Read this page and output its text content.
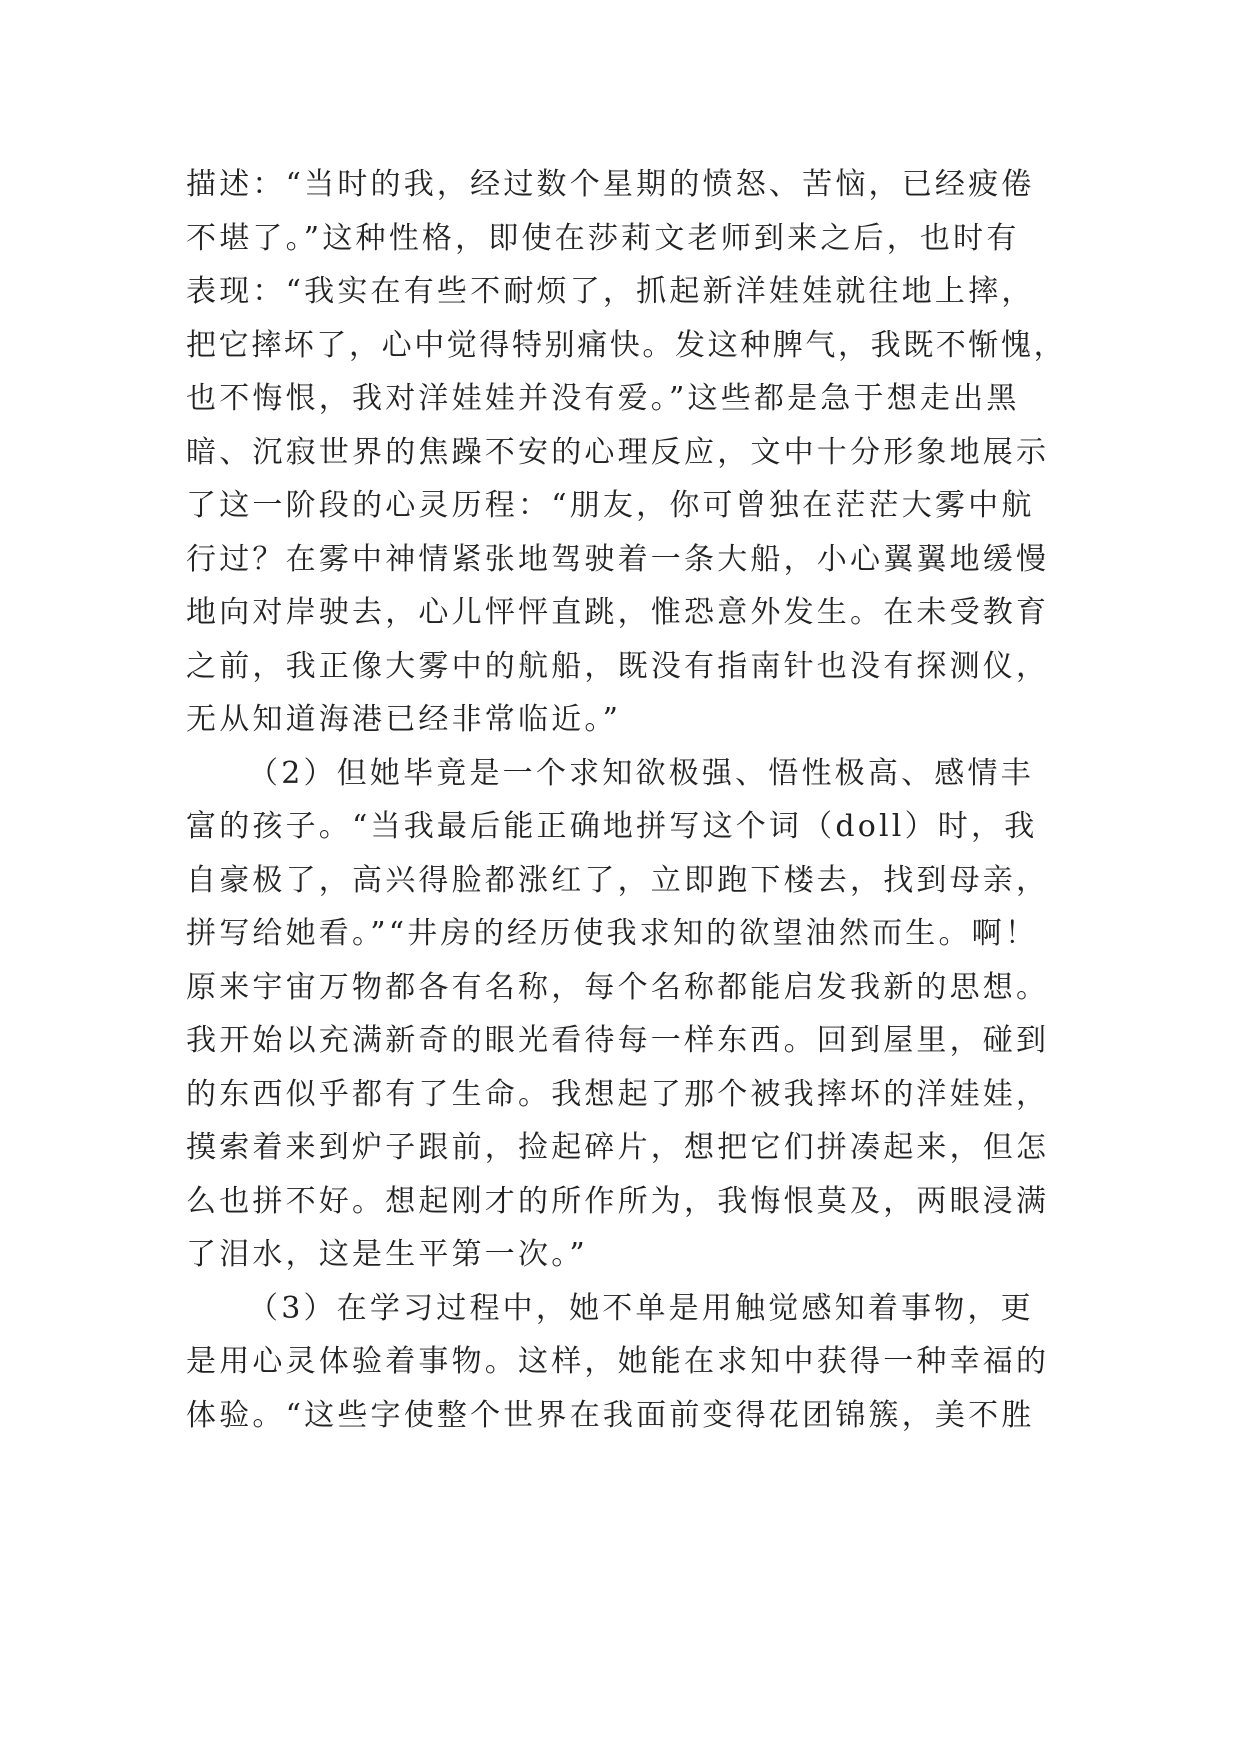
描述：“当时的我，经过数个星期的愤怒、苦恼，已经疲倦
不堪了。”这种性格，即使在莎莉文老师到来之后，也时有
表现：“我实在有些不耐烦了，抓起新洋娃娃就往地上摔，
把它摔坏了，心中觉得特别痛快。发这种脾气，我既不惭愧，
也不悔恨，我对洋娃娃并没有爱。”这些都是急于想走出黑
暗、沉寂世界的焦躁不安的心理反应，文中十分形象地展示
了这一阶段的心灵历程：“朋友，你可曾独在茫茫大雾中航
行过？在雾中神情紧张地驾驶着一条大船，小心翼翼地缓慢
地向对岸驶去，心儿怦怦直跳，惟恐意外发生。在未受教育
之前，我正像大雾中的航船，既没有指南针也没有探测仪，
无从知道海港已经非常临近。”
（2）但她毕竟是一个求知欲极强、悟性极高、感情丰
富的孩子。“当我最后能正确地拼写这个词（doll）时，我
自豪极了，高兴得脸都涨红了，立即跑下楼去，找到母亲，
拼写给她看。”“井房的经历使我求知的欲望油然而生。啊！
原来宇宙万物都各有名称，每个名称都能启发我新的思想。
我开始以充满新奇的眼光看待每一样东西。回到屋里，碰到
的东西似乎都有了生命。我想起了那个被我摔坏的洋娃娃，
摸索着来到炉子跟前，捡起碎片，想把它们拼凑起来，但怎
么也拼不好。想起刚才的所作所为，我悔恨莫及，两眼浸满
了泪水，这是生平第一次。”
（3）在学习过程中，她不单是用触觉感知着事物，更
是用心灵体验着事物。这样，她能在求知中获得一种幸福的
体验。“这些字使整个世界在我面前变得花团锦簇，美不胜
